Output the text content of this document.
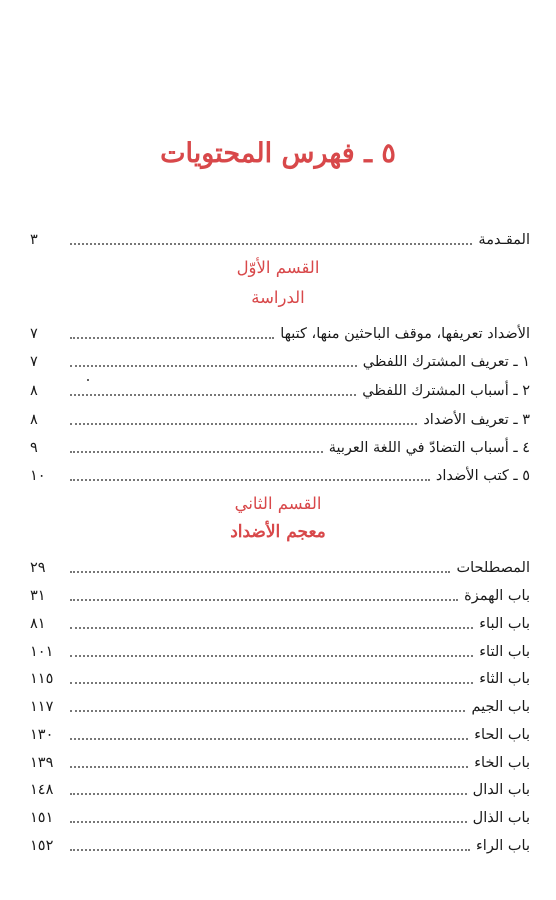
٥ ـ فهرس المحتويات
المقـدمة
٣
القسم الأوّل
الدراسة
الأضداد تعريفها، موقف الباحثين منها، كتبها
٧
١ ـ تعريف المشترك اللفظي
٧
٢ ـ أسباب المشترك اللفظي
٨
٣ ـ تعريف الأضداد
٨
٤ ـ أسباب التضادّ في اللغة العربية
٩
٥ ـ كتب الأضداد
١٠
القسم الثاني
معجم الأضداد
المصطلحات
٢٩
باب الهمزة
٣١
باب الباء
٨١
باب التاء
١٠١
باب الثاء
١١٥
باب الجيم
١١٧
باب الحاء
١٣٠
باب الخاء
١٣٩
باب الدال
١٤٨
باب الذال
١٥١
باب الراء
١٥٢
